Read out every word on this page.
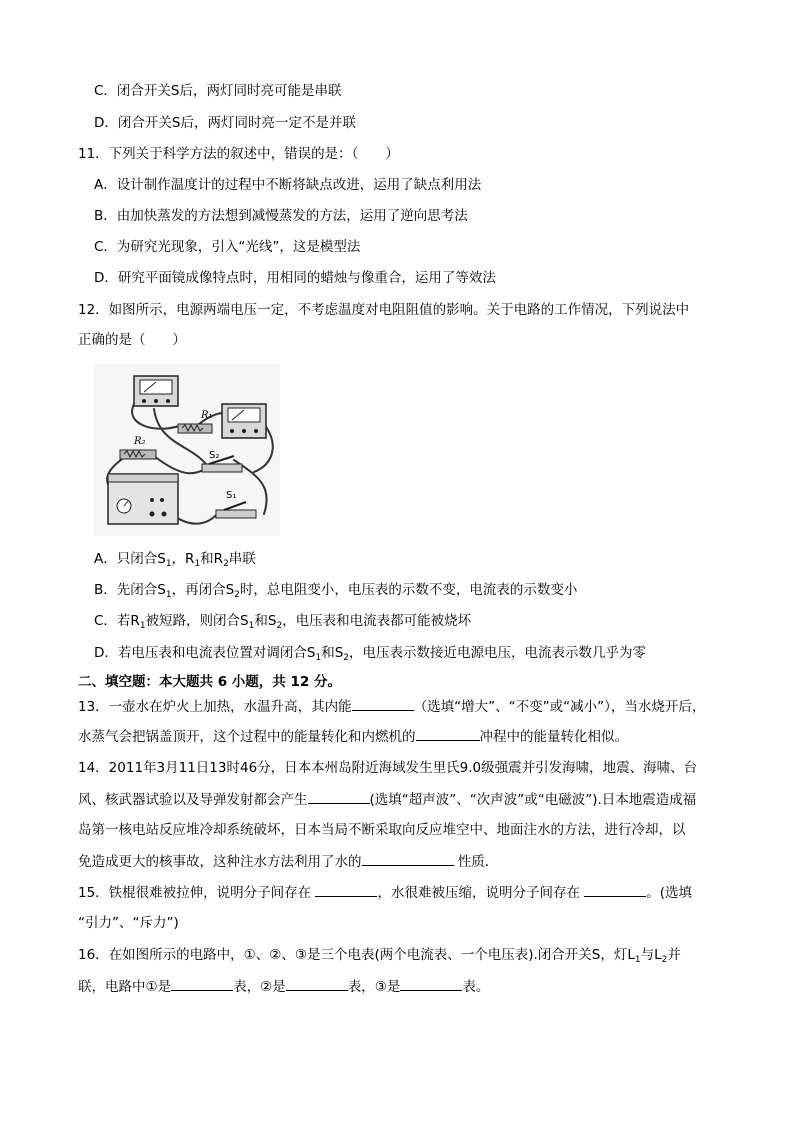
C．闭合开关S后，两灯同时亮可能是串联
D．闭合开关S后，两灯同时亮一定不是并联
11．下列关于科学方法的叙述中，错误的是：（　　）
A．设计制作温度计的过程中不断将缺点改进，运用了缺点利用法
B．由加快蒸发的方法想到减慢蒸发的方法，运用了逆向思考法
C．为研究光现象，引入“光线”，这是模型法
D．研究平面镜成像特点时，用相同的蜡烛与像重合，运用了等效法
12．如图所示，电源两端电压一定，不考虑温度对电阻阻值的影响。关于电路的工作情况，下列说法中
正确的是（　　）
R₁
R₂
S₂
S₁
A．只闭合$S_1$，$R_1$和$R_2$串联
B．先闭合$S_1$，再闭合$S_2$时，总电阻变小，电压表的示数不变，电流表的示数变小
C．若$R_1$被短路，则闭合$S_1$和$S_2$，电压表和电流表都可能被烧坏
D．若电压表和电流表位置对调闭合$S_1$和$S_2$，电压表示数接近电源电压，电流表示数几乎为零
二、填空题：本大题共 6 小题，共 12 分。
13．一壶水在炉火上加热，水温升高，其内能	（选填“增大”、“不变”或“减小”），当水烧开后，
水蒸气会把锅盖顶开，这个过程中的能量转化和内燃机的	冲程中的能量转化相似。
14．2011年3月11日13时46分，日本本州岛附近海域发生里氏9.0级强震并引发海啸，地震、海啸、台
风、核武器试验以及导弹发射都会产生	(选填“超声波”、“次声波”或“电磁波”).日本地震造成福
岛第一核电站反应堆冷却系统破坏，日本当局不断采取向反应堆空中、地面注水的方法，进行冷却，以
免造成更大的核事故，这种注水方法利用了水的	性质．
15．铁棍很难被拉伸，说明分子间存在	，水很难被压缩，说明分子间存在	。(选填
“引力”、“斥力”)
16．在如图所示的电路中，①、②、③是三个电表(两个电流表、一个电压表).闭合开关S，灯$L_1$与$L_2$并
联，电路中①是	表，②是	表，③是	表。
